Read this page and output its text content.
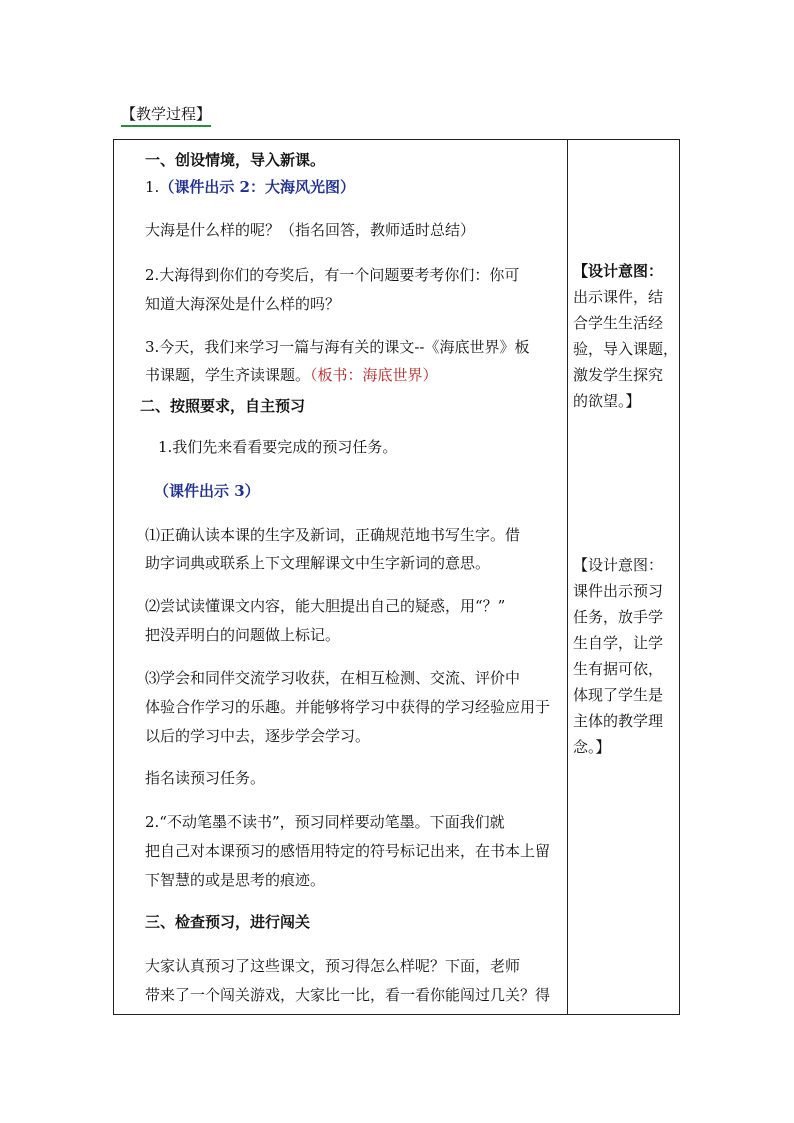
【教学过程】
一、创设情境，导入新课。
1.（课件出示 2：大海风光图）
大海是什么样的呢？（指名回答，教师适时总结）
2.大海得到你们的夸奖后，有一个问题要考考你们：你可
知道大海深处是什么样的吗？
3.今天，我们来学习一篇与海有关的课文--《海底世界》板
书课题，学生齐读课题。（板书：海底世界）
二、按照要求，自主预习
1.我们先来看看要完成的预习任务。
（课件出示 3）
⑴正确认读本课的生字及新词，正确规范地书写生字。借
助字词典或联系上下文理解课文中生字新词的意思。
⑵尝试读懂课文内容，能大胆提出自己的疑惑，用“？”
把没弄明白的问题做上标记。
⑶学会和同伴交流学习收获，在相互检测、交流、评价中
体验合作学习的乐趣。并能够将学习中获得的学习经验应用于
以后的学习中去，逐步学会学习。
指名读预习任务。
2.“不动笔墨不读书”，预习同样要动笔墨。下面我们就
把自己对本课预习的感悟用特定的符号标记出来，在书本上留
下智慧的或是思考的痕迹。
三、检查预习，进行闯关
大家认真预习了这些课文，预习得怎么样呢？下面，老师
带来了一个闯关游戏，大家比一比，看一看你能闯过几关？得
【设计意图：
出示课件，结
合学生生活经
验，导入课题，
激发学生探究
的欲望。】
【设计意图：
课件出示预习
任务，放手学
生自学，让学
生有据可依，
体现了学生是
主体的教学理
念。】
